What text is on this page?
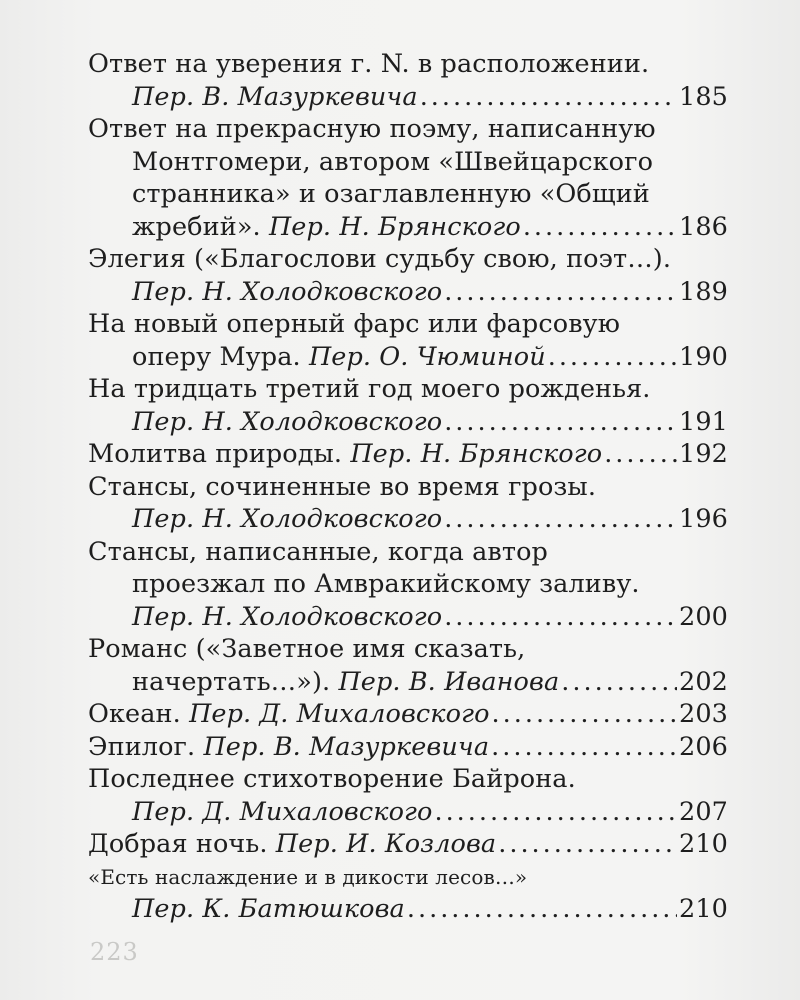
Ответ на уверения г. N. в расположении.
Пер. В. Мазуркевича .....	185
Ответ на прекрасную поэму, написанную
Монтгомери, автором «Швейцарского
странника» и озаглавленную «Общий
жребий».
Пер. Н. Брянского .....	186
Элегия («Благослови судьбу свою, поэт…).
Пер. Н. Холодковского .....	189
На новый оперный фарс или фарсовую
оперу Мура.
Пер. О. Чюминой .....	190
На тридцать третий год моего рожденья.
Пер. Н. Холодковского .....	191
Молитва природы.
Пер. Н. Брянского .....	192
Стансы, сочиненные во время грозы.
Пер. Н. Холодковского .....	196
Стансы, написанные, когда автор
проезжал по Амвракийскому заливу.
Пер. Н. Холодковского .....	200
Романс («Заветное имя сказать,
начертать…»).
Пер. В. Иванова .....	202
Океан.
Пер. Д. Михаловского .....	203
Эпилог.
Пер. В. Мазуркевича .....	206
Последнее стихотворение Байрона.
Пер. Д. Михаловского .....	207
Добрая ночь.
Пер. И. Козлова .....	210
«Есть наслаждение и в дикости лесов…»
Пер. К. Батюшкова .....	210
223
